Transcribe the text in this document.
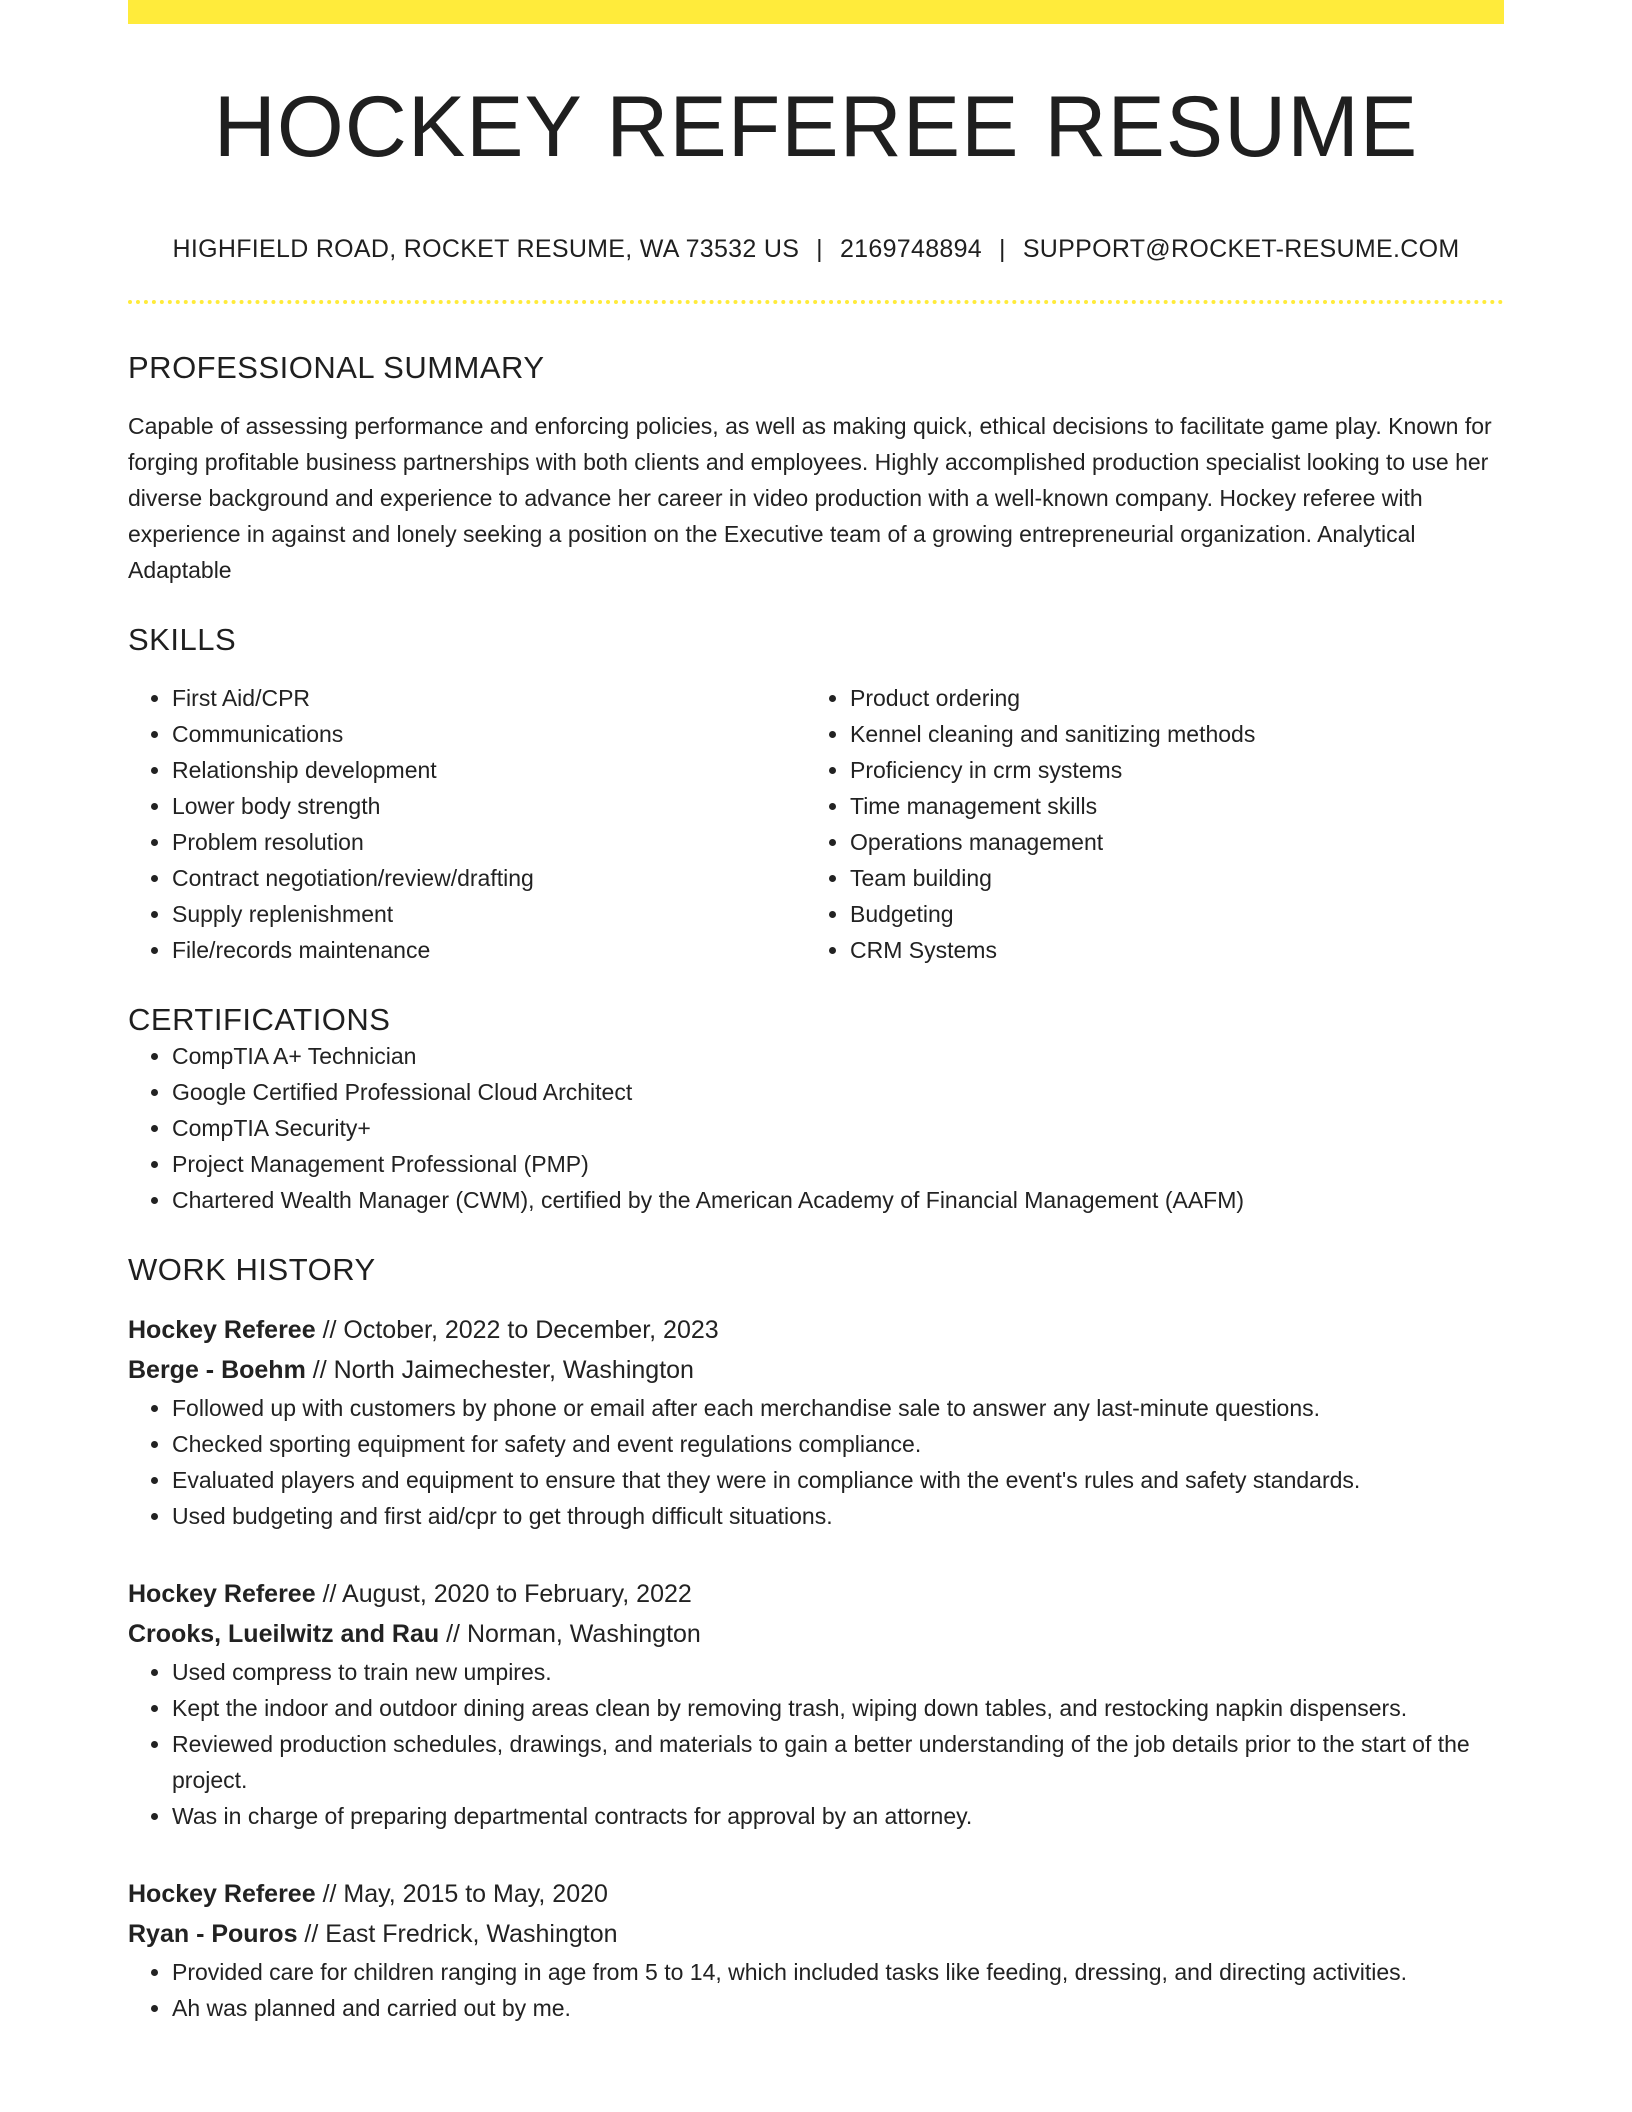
HOCKEY REFEREE RESUME
HIGHFIELD ROAD, ROCKET RESUME, WA 73532 US | 2169748894 | SUPPORT@ROCKET-RESUME.COM
PROFESSIONAL SUMMARY
Capable of assessing performance and enforcing policies, as well as making quick, ethical decisions to facilitate game play. Known for forging profitable business partnerships with both clients and employees. Highly accomplished production specialist looking to use her diverse background and experience to advance her career in video production with a well-known company. Hockey referee with experience in against and lonely seeking a position on the Executive team of a growing entrepreneurial organization. Analytical Adaptable
SKILLS
• First Aid/CPR
• Communications
• Relationship development
• Lower body strength
• Problem resolution
• Contract negotiation/review/drafting
• Supply replenishment
• File/records maintenance
• Product ordering
• Kennel cleaning and sanitizing methods
• Proficiency in crm systems
• Time management skills
• Operations management
• Team building
• Budgeting
• CRM Systems
CERTIFICATIONS
• CompTIA A+ Technician
• Google Certified Professional Cloud Architect
• CompTIA Security+
• Project Management Professional (PMP)
• Chartered Wealth Manager (CWM), certified by the American Academy of Financial Management (AAFM)
WORK HISTORY
Hockey Referee // October, 2022 to December, 2023
Berge - Boehm // North Jaimechester, Washington
• Followed up with customers by phone or email after each merchandise sale to answer any last-minute questions.
• Checked sporting equipment for safety and event regulations compliance.
• Evaluated players and equipment to ensure that they were in compliance with the event's rules and safety standards.
• Used budgeting and first aid/cpr to get through difficult situations.
Hockey Referee // August, 2020 to February, 2022
Crooks, Lueilwitz and Rau // Norman, Washington
• Used compress to train new umpires.
• Kept the indoor and outdoor dining areas clean by removing trash, wiping down tables, and restocking napkin dispensers.
• Reviewed production schedules, drawings, and materials to gain a better understanding of the job details prior to the start of the project.
• Was in charge of preparing departmental contracts for approval by an attorney.
Hockey Referee // May, 2015 to May, 2020
Ryan - Pouros // East Fredrick, Washington
• Provided care for children ranging in age from 5 to 14, which included tasks like feeding, dressing, and directing activities.
• Ah was planned and carried out by me.
